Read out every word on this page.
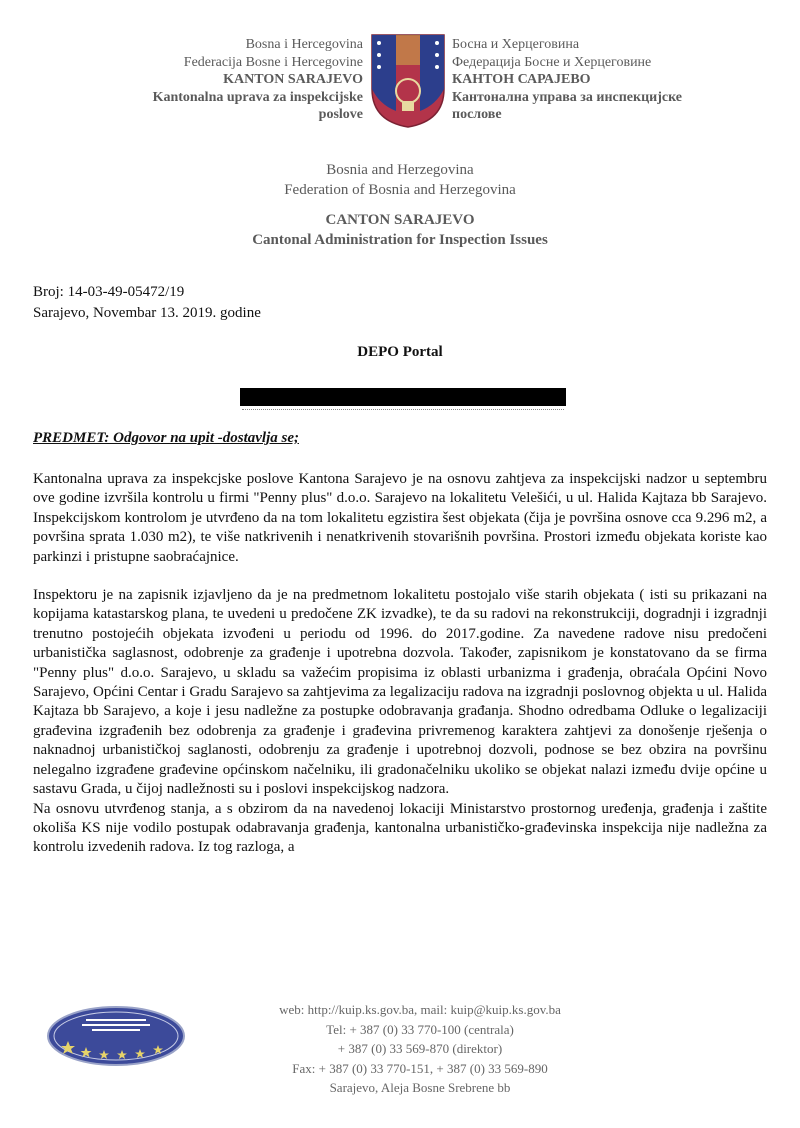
Bosna i Hercegovina
Federacija Bosne i Hercegovine
KANTON SARAJEVO
Kantonalna uprava za inspekcijske
poslove
Босна и Херцеговина
Федерација Босне и Херцеговине
КАНТОН САРАЈЕВО
Кантонална управа за инспекцијске
послове
Bosnia and Herzegovina
Federation of Bosnia and Herzegovina
CANTON SARAJEVO
Cantonal Administration for Inspection Issues
Broj: 14-03-49-05472/19
Sarajevo, Novembar 13. 2019. godine
DEPO Portal
PREDMET: Odgovor na upit -dostavlja se;

Kantonalna uprava za inspekcjske poslove Kantona Sarajevo je na osnovu zahtjeva za inspekcijski nadzor u septembru ove godine izvršila kontrolu u firmi "Penny plus" d.o.o. Sarajevo na lokalitetu Velešići, u ul. Halida Kajtaza bb Sarajevo. Inspekcijskom kontrolom je utvrđeno da na tom lokalitetu egzistira šest objekata (čija je površina osnove cca 9.296 m2, a površina sprata 1.030 m2), te više natkrivenih i nenatkrivenih stovarišnih površina. Prostori između objekata koriste kao parkinzi i pristupne saobraćajnice.

Inspektoru je na zapisnik izjavljeno da je na predmetnom lokalitetu postojalo više starih objekata ( isti su prikazani na kopijama katastarskog plana, te uvedeni u predočene ZK izvadke), te da su radovi na rekonstrukciji, dogradnji i izgradnji trenutno postojećih objekata izvođeni u periodu od 1996. do 2017.godine. Za navedene radove nisu predočeni urbanistička saglasnost, odobrenje za građenje i upotrebna dozvola. Također, zapisnikom je konstatovano da se firma "Penny plus" d.o.o. Sarajevo, u skladu sa važećim propisima iz oblasti urbanizma i građenja, obraćala Općini Novo Sarajevo, Općini Centar i Gradu Sarajevo sa zahtjevima za legalizaciju radova na izgradnji poslovnog objekta u ul. Halida Kajtaza bb Sarajevo, a koje i jesu nadležne za postupke odobravanja građanja. Shodno odredbama Odluke o legalizaciji građevina izgrađenih bez odobrenja za građenje i građevina privremenog karaktera zahtjevi za donošenje rješenja o naknadnoj urbanističkoj saglanosti, odobrenju za građenje i upotrebnoj dozvoli, podnose se bez obzira na površinu nelegalno izgrađene građevine općinskom načelniku, ili gradonačelniku ukoliko se objekat nalazi između dvije općine u sastavu Grada, u čijoj nadležnosti su i poslovi inspekcijskog nadzora.

Na osnovu utvrđenog stanja, a s obzirom da na navedenoj lokaciji Ministarstvo prostornog uređenja, građenja i zaštite okoliša KS nije vodilo postupak odabravanja građenja, kantonalna urbanističko-građevinska inspekcija nije nadležna za kontrolu izvedenih radova. Iz tog razloga, a

web: http://kuip.ks.gov.ba, mail: kuip@kuip.ks.gov.ba
Tel: + 387 (0) 33 770-100 (centrala)
+ 387 (0) 33 569-870 (direktor)
Fax: + 387 (0) 33 770-151, + 387 (0) 33 569-890
Sarajevo, Aleja Bosne Srebrene bb
